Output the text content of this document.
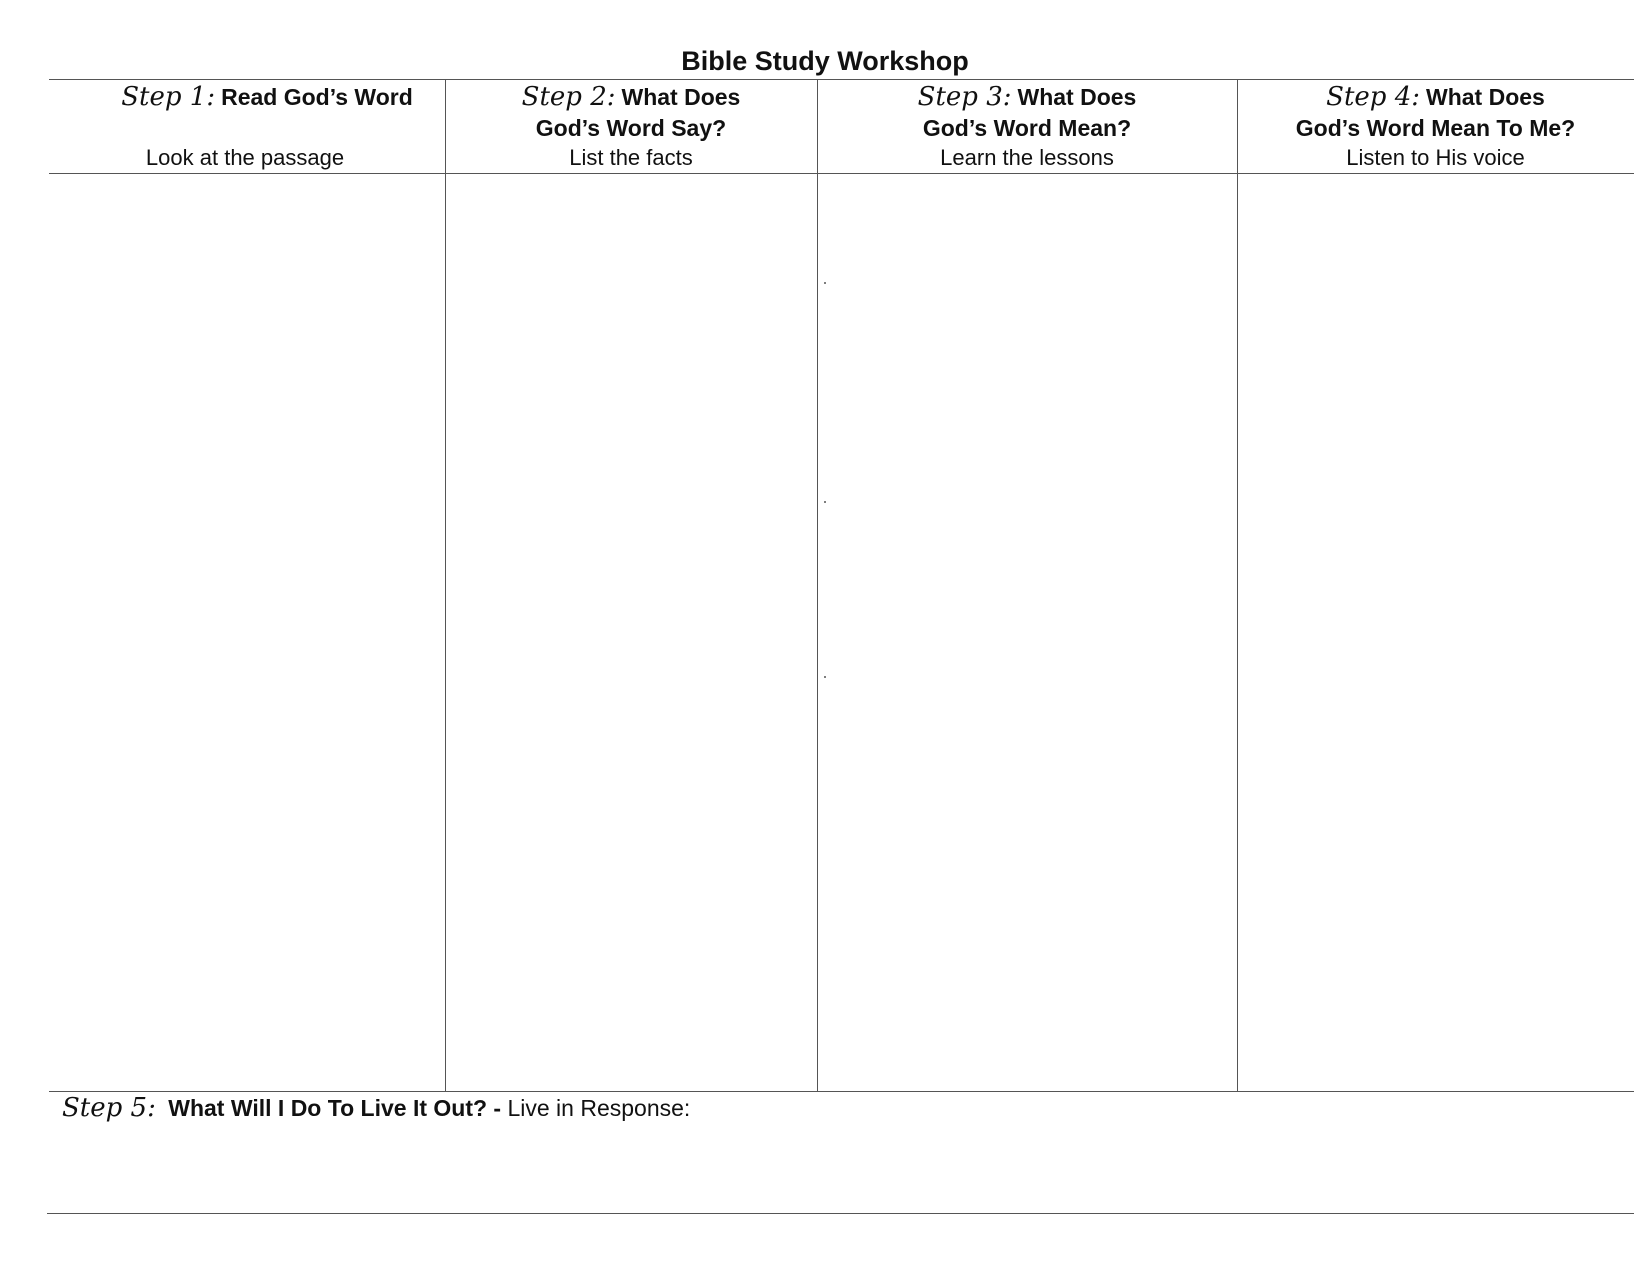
Bible Study Workshop
Step 1: Read God’s Word

Look at the passage
Step 2: What Does
God’s Word Say?
List the facts
Step 3: What Does
God’s Word Mean?
Learn the lessons
Step 4: What Does
God’s Word Mean To Me?
Listen to His voice
Step 5: What Will I Do To Live It Out? - Live in Response:
